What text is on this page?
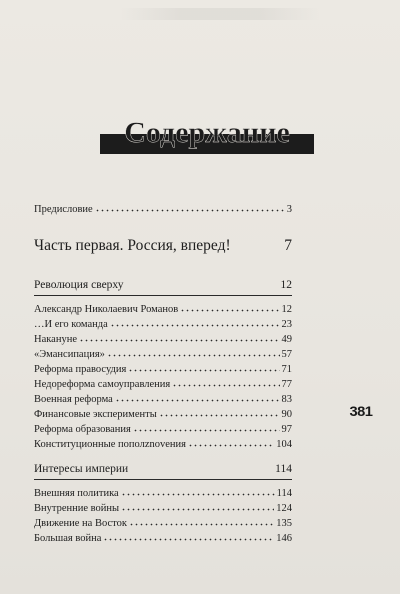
Содержание
Предисловие	3
Часть первая. Россия, вперед!	7
Революция сверху	12
Александр Николаевич Романов	12
…И его команда	23
Накануне	49
«Эмансипация»	57
Реформа правосудия	71
Недореформа самоуправления	77
Военная реформа	83
Финансовые эксперименты	90
Реформа образования	97
Конституционные пополznovения	104
Интересы империи	114
Внешняя политика	114
Внутренние войны	124
Движение на Восток	135
Большая война	146
381
